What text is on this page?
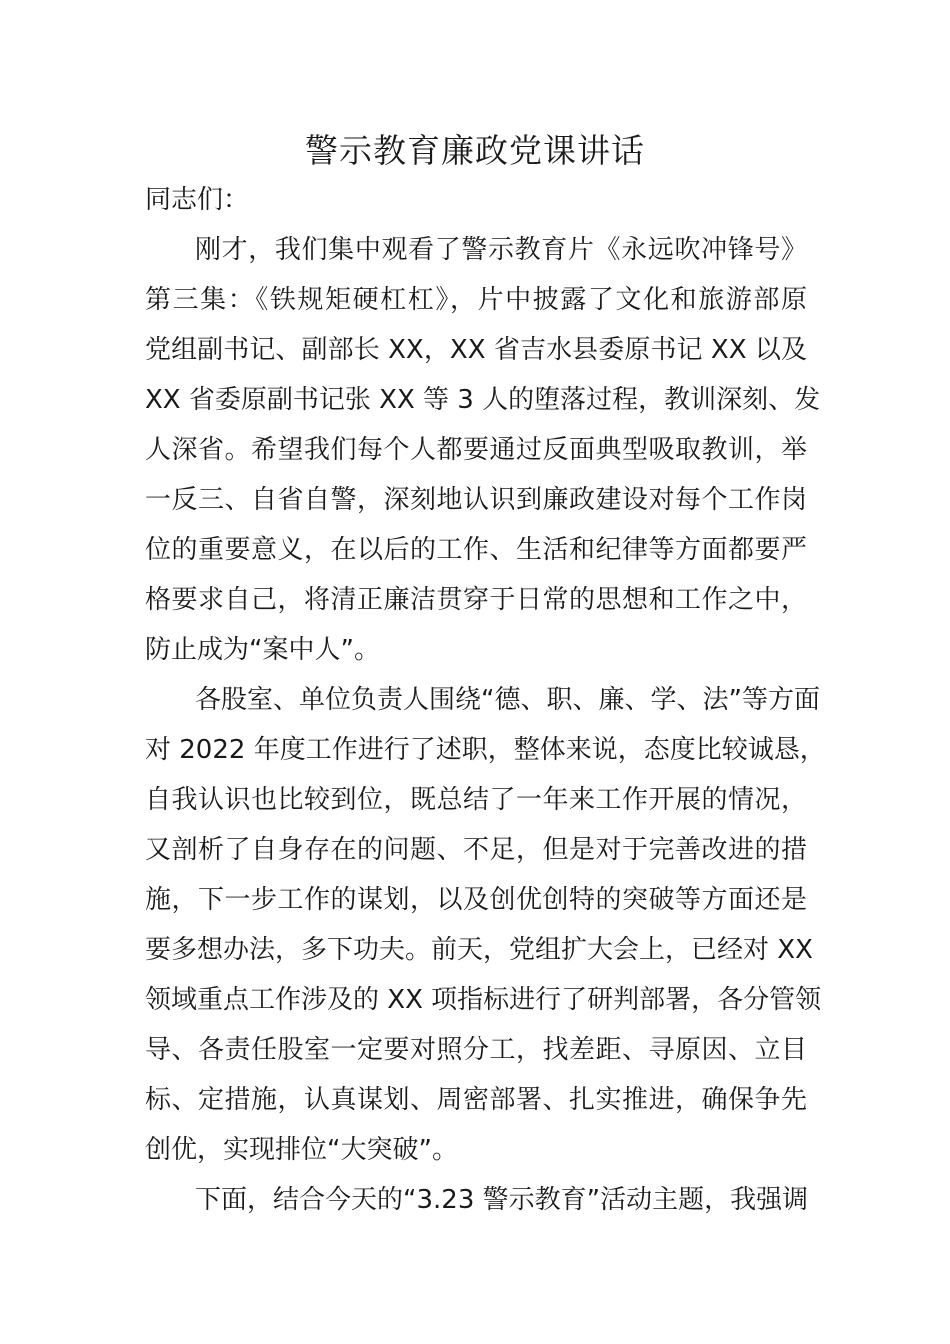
警示教育廉政党课讲话
同志们：
刚才，我们集中观看了警示教育片《永远吹冲锋号》
第三集：《铁规矩硬杠杠》，片中披露了文化和旅游部原
党组副书记、副部长 XX，XX 省吉水县委原书记 XX 以及
XX 省委原副书记张 XX 等 3 人的堕落过程，教训深刻、发
人深省。希望我们每个人都要通过反面典型吸取教训，举
一反三、自省自警，深刻地认识到廉政建设对每个工作岗
位的重要意义，在以后的工作、生活和纪律等方面都要严
格要求自己，将清正廉洁贯穿于日常的思想和工作之中，
防止成为“案中人”。
各股室、单位负责人围绕“德、职、廉、学、法”等方面
对 2022 年度工作进行了述职，整体来说，态度比较诚恳，
自我认识也比较到位，既总结了一年来工作开展的情况，
又剖析了自身存在的问题、不足，但是对于完善改进的措
施，下一步工作的谋划，以及创优创特的突破等方面还是
要多想办法，多下功夫。前天，党组扩大会上，已经对 XX
领域重点工作涉及的 XX 项指标进行了研判部署，各分管领
导、各责任股室一定要对照分工，找差距、寻原因、立目
标、定措施，认真谋划、周密部署、扎实推进，确保争先
创优，实现排位“大突破”。
下面，结合今天的“3.23 警示教育”活动主题，我强调
